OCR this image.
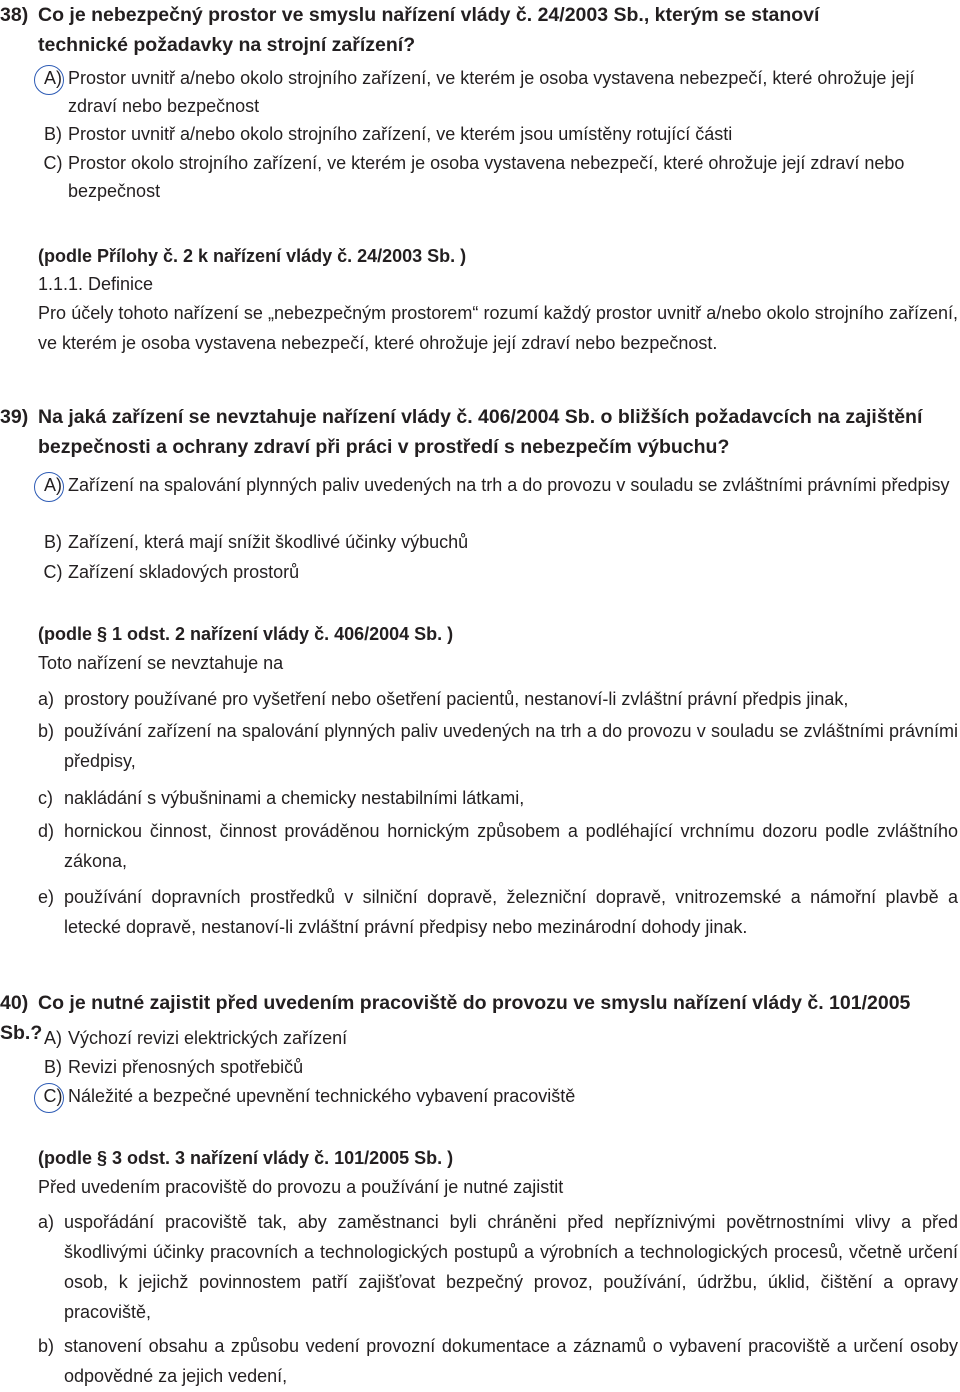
38) Co je nebezpečný prostor ve smyslu nařízení vlády č. 24/2003 Sb., kterým se stanoví
technické požadavky na strojní zařízení?
A) Prostor uvnitř a/nebo okolo strojního zařízení, ve kterém je osoba vystavena nebezpečí, které ohrožuje její zdraví nebo bezpečnost
B) Prostor uvnitř a/nebo okolo strojního zařízení, ve kterém jsou umístěny rotující části
C) Prostor okolo strojního zařízení, ve kterém je osoba vystavena nebezpečí, které ohrožuje její zdraví nebo bezpečnost
(podle Přílohy č. 2 k nařízení vlády č. 24/2003 Sb. )
1.1.1. Definice
Pro účely tohoto nařízení se „nebezpečným prostorem“ rozumí každý prostor uvnitř a/nebo okolo strojního zařízení, ve kterém je osoba vystavena nebezpečí, které ohrožuje její zdraví nebo bezpečnost.
39) Na jaká zařízení se nevztahuje nařízení vlády č. 406/2004 Sb. o bližších požadavcích na zajištění
bezpečnosti a ochrany zdraví při práci v prostředí s nebezpečím výbuchu?
A) Zařízení na spalování plynných paliv uvedených na trh a do provozu v souladu se zvláštními právními předpisy
B) Zařízení, která mají snížit škodlivé účinky výbuchů
C) Zařízení skladových prostorů
(podle § 1 odst. 2 nařízení vlády č. 406/2004 Sb. )
Toto nařízení se nevztahuje na
a) prostory používané pro vyšetření nebo ošetření pacientů, nestanoví-li zvláštní právní předpis jinak,
b) používání zařízení na spalování plynných paliv uvedených na trh a do provozu v souladu se zvláštními právními předpisy,
c) nakládání s výbušninami a chemicky nestabilními látkami,
d) hornickou činnost, činnost prováděnou hornickým způsobem a podléhající vrchnímu dozoru podle zvláštního zákona,
e) používání dopravních prostředků v silniční dopravě, železniční dopravě, vnitrozemské a námořní plavbě a letecké dopravě, nestanoví-li zvláštní právní předpisy nebo mezinárodní dohody jinak.
40) Co je nutné zajistit před uvedením pracoviště do provozu ve smyslu nařízení vlády č. 101/2005 Sb.? A) Výchozí revizi elektrických zařízení
B) Revizi přenosných spotřebičů
C) Náležité a bezpečné upevnění technického vybavení pracoviště
(podle § 3 odst. 3 nařízení vlády č. 101/2005 Sb. )
Před uvedením pracoviště do provozu a používání je nutné zajistit
a) uspořádání pracoviště tak, aby zaměstnanci byli chráněni před nepříznivými povětrnostními vlivy a před škodlivými účinky pracovních a technologických postupů a výrobních a technologických procesů, včetně určení osob, k jejichž povinnostem patří zajišťovat bezpečný provoz, používání, údržbu, úklid, čištění a opravy pracoviště,
b) stanovení obsahu a způsobu vedení provozní dokumentace a záznamů o vybavení pracoviště a určení osoby odpovědné za jejich vedení,
